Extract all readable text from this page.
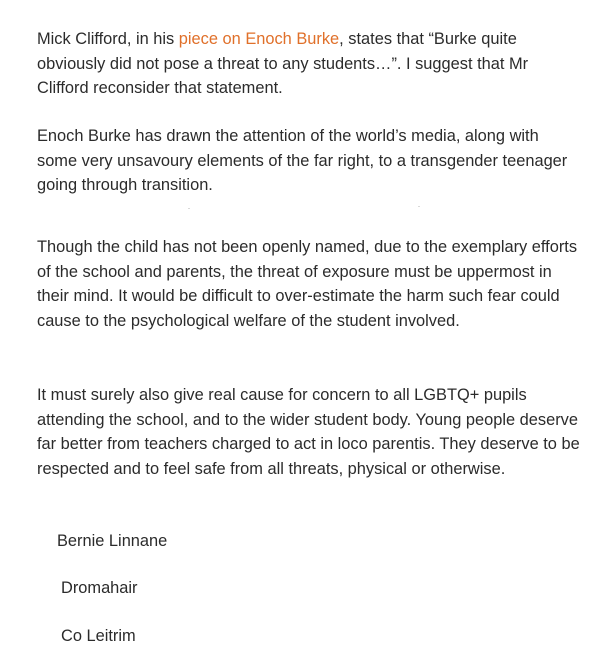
Mick Clifford, in his piece on Enoch Burke, states that “Burke quite obviously did not pose a threat to any students…”. I suggest that Mr Clifford reconsider that statement.

Enoch Burke has drawn the attention of the world’s media, along with some very unsavoury elements of the far right, to a transgender teenager going through transition.

Though the child has not been openly named, due to the exemplary efforts of the school and parents, the threat of exposure must be uppermost in their mind. It would be difficult to over-estimate the harm such fear could cause to the psychological welfare of the student involved.

It must surely also give real cause for concern to all LGBTQ+ pupils attending the school, and to the wider student body. Young people deserve far better from teachers charged to act in loco parentis. They deserve to be respected and to feel safe from all threats, physical or otherwise.

Bernie Linnane

Dromahair

Co Leitrim
